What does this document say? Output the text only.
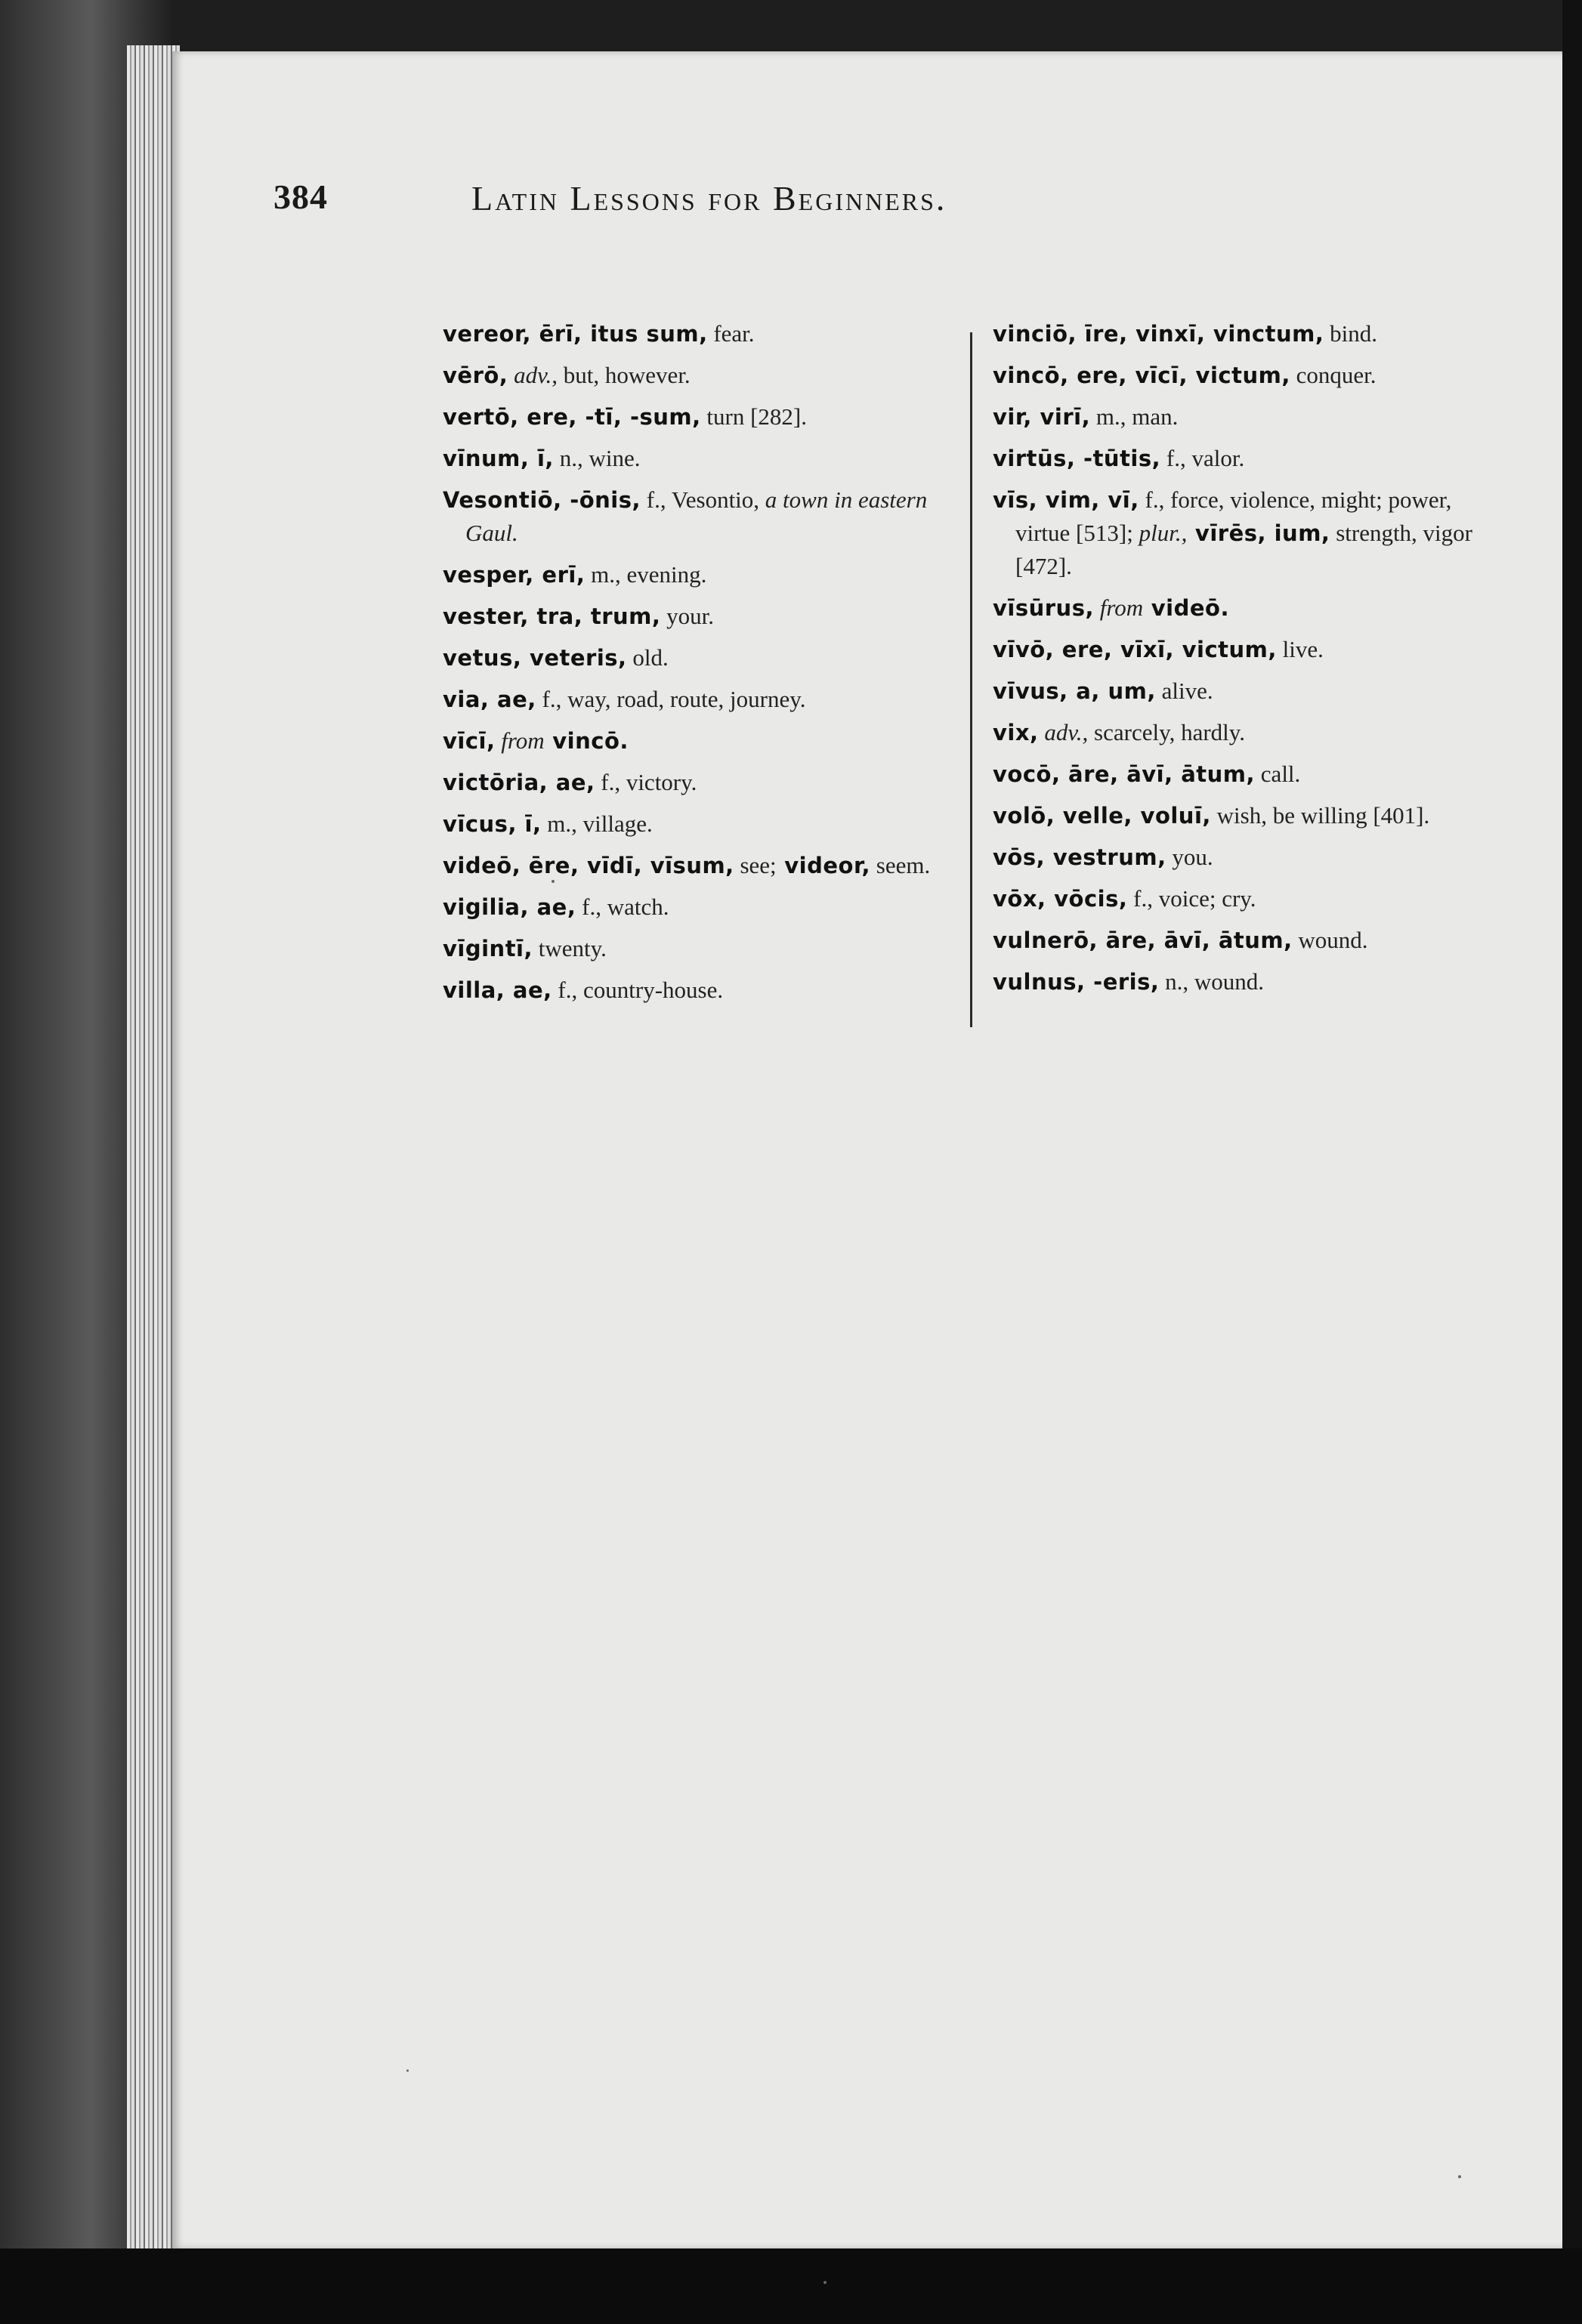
384	Latin Lessons for Beginners.
vereor, ērī, itus sum, fear.
vērō, adv., but, however.
vertō, ere, -tī, -sum, turn [282].
vīnum, ī, n., wine.
Vesontiō, -ōnis, f., Vesontio, a town in eastern Gaul.
vesper, erī, m., evening.
vester, tra, trum, your.
vetus, veteris, old.
via, ae, f., way, road, route, journey.
vīcī, from vincō.
victōria, ae, f., victory.
vīcus, ī, m., village.
videō, ēre, vīdī, vīsum, see; videor, seem.
vigilia, ae, f., watch.
vīgintī, twenty.
villa, ae, f., country-house.
vinciō, īre, vinxī, vinctum, bind.
vincō, ere, vīcī, victum, conquer.
vir, virī, m., man.
virtūs, -tūtis, f., valor.
vīs, vim, vī, f., force, violence, might; power, virtue [513]; plur., vīrēs, ium, strength, vigor [472].
vīsūrus, from videō.
vīvō, ere, vīxī, victum, live.
vīvus, a, um, alive.
vix, adv., scarcely, hardly.
vocō, āre, āvī, ātum, call.
volō, velle, voluī, wish, be willing [401].
vōs, vestrum, you.
vōx, vōcis, f., voice; cry.
vulnerō, āre, āvī, ātum, wound.
vulnus, -eris, n., wound.
